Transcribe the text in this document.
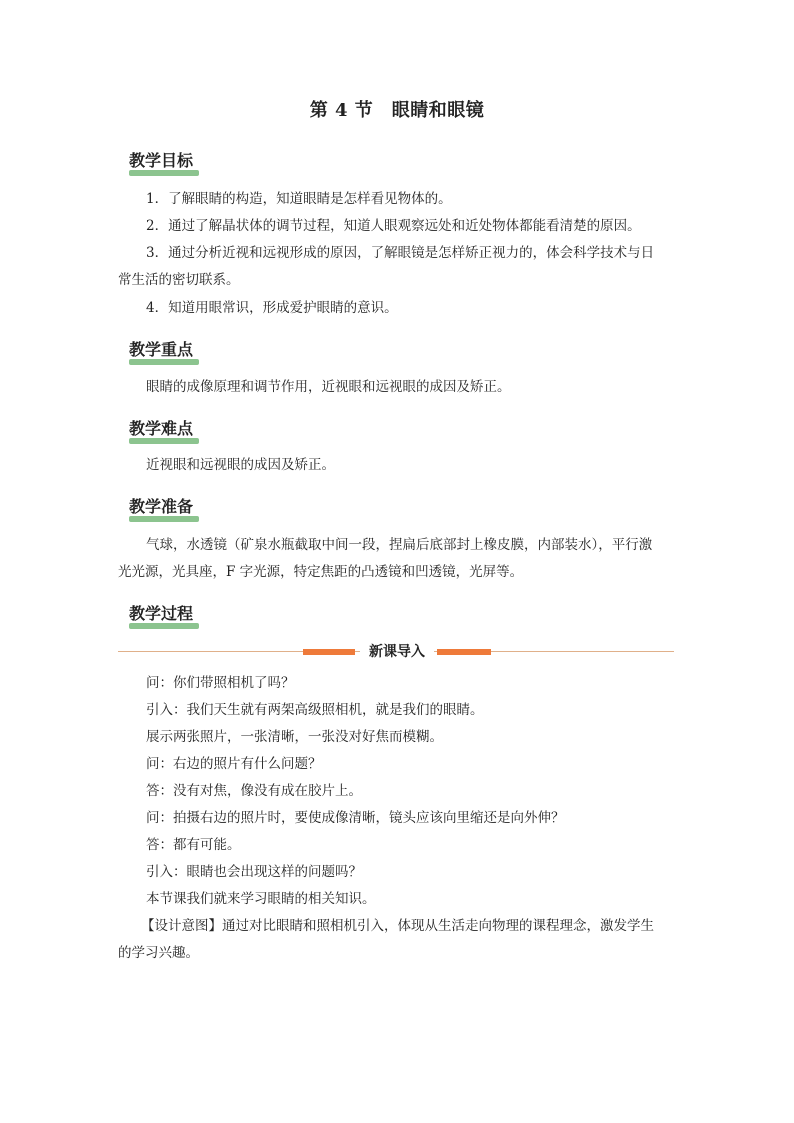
第 4 节　眼睛和眼镜
教学目标
1．了解眼睛的构造，知道眼睛是怎样看见物体的。
2．通过了解晶状体的调节过程，知道人眼观察远处和近处物体都能看清楚的原因。
3．通过分析近视和远视形成的原因，了解眼镜是怎样矫正视力的，体会科学技术与日
常生活的密切联系。
4．知道用眼常识，形成爱护眼睛的意识。
教学重点
眼睛的成像原理和调节作用，近视眼和远视眼的成因及矫正。
教学难点
近视眼和远视眼的成因及矫正。
教学准备
气球，水透镜（矿泉水瓶截取中间一段，捏扁后底部封上橡皮膜，内部装水），平行激
光光源，光具座，F 字光源，特定焦距的凸透镜和凹透镜，光屏等。
教学过程
新课导入
问：你们带照相机了吗？
引入：我们天生就有两架高级照相机，就是我们的眼睛。
展示两张照片，一张清晰，一张没对好焦而模糊。
问：右边的照片有什么问题？
答：没有对焦，像没有成在胶片上。
问：拍摄右边的照片时，要使成像清晰，镜头应该向里缩还是向外伸？
答：都有可能。
引入：眼睛也会出现这样的问题吗？
本节课我们就来学习眼睛的相关知识。
【设计意图】通过对比眼睛和照相机引入，体现从生活走向物理的课程理念，激发学生
的学习兴趣。
